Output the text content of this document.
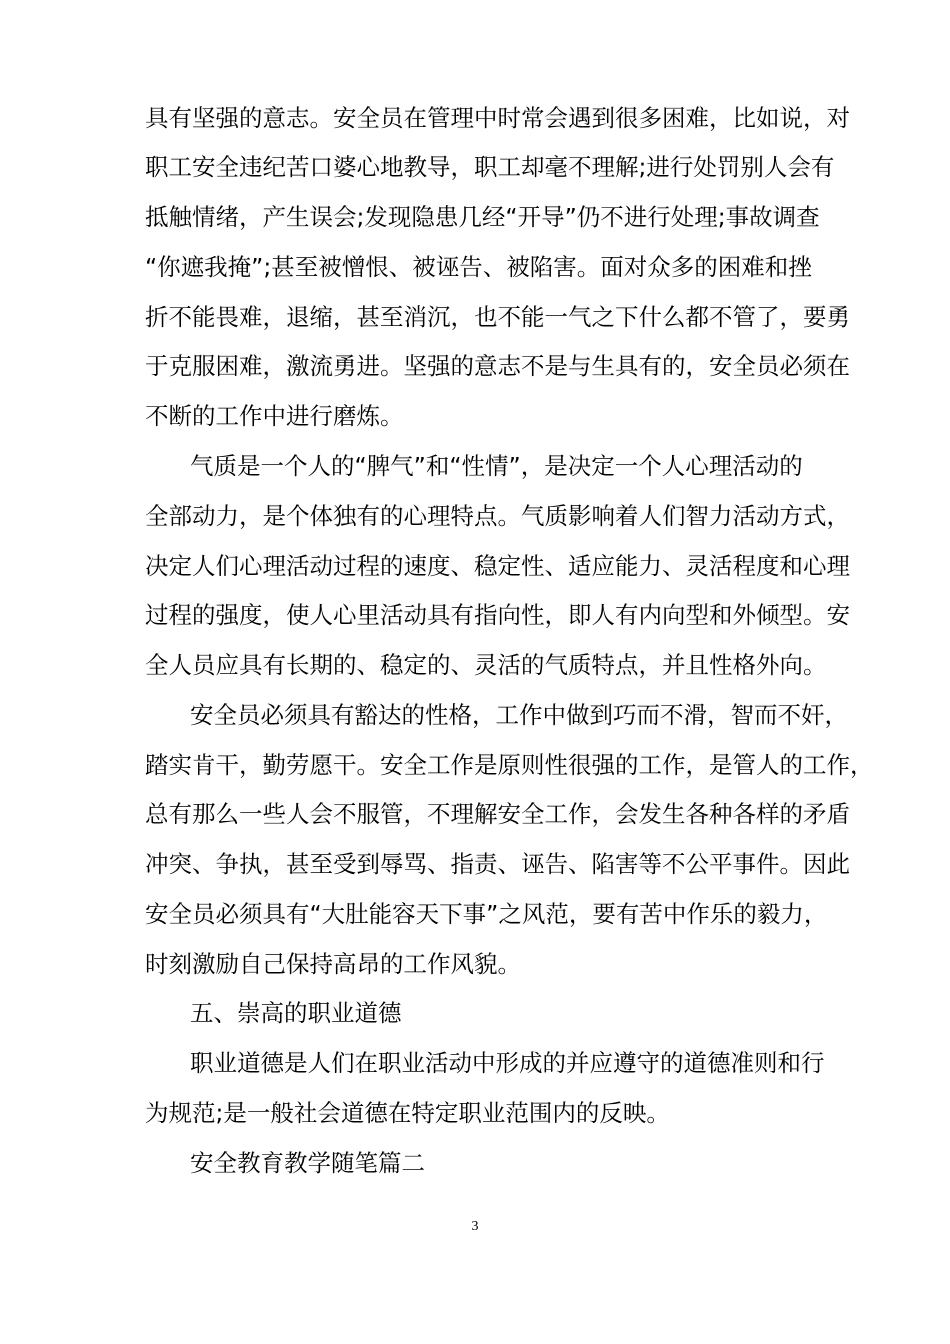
具有坚强的意志。安全员在管理中时常会遇到很多困难，比如说，对
职工安全违纪苦口婆心地教导，职工却毫不理解;进行处罚别人会有
抵触情绪，产生误会;发现隐患几经“开导”仍不进行处理;事故调查
“你遮我掩”;甚至被憎恨、被诬告、被陷害。面对众多的困难和挫
折不能畏难，退缩，甚至消沉，也不能一气之下什么都不管了，要勇
于克服困难，激流勇进。坚强的意志不是与生具有的，安全员必须在
不断的工作中进行磨炼。
气质是一个人的“脾气”和“性情”，是决定一个人心理活动的
全部动力，是个体独有的心理特点。气质影响着人们智力活动方式，
决定人们心理活动过程的速度、稳定性、适应能力、灵活程度和心理
过程的强度，使人心里活动具有指向性，即人有内向型和外倾型。安
全人员应具有长期的、稳定的、灵活的气质特点，并且性格外向。
安全员必须具有豁达的性格，工作中做到巧而不滑，智而不奸，
踏实肯干，勤劳愿干。安全工作是原则性很强的工作，是管人的工作，
总有那么一些人会不服管，不理解安全工作，会发生各种各样的矛盾
冲突、争执，甚至受到辱骂、指责、诬告、陷害等不公平事件。因此
安全员必须具有“大肚能容天下事”之风范，要有苦中作乐的毅力，
时刻激励自己保持高昂的工作风貌。
五、崇高的职业道德
职业道德是人们在职业活动中形成的并应遵守的道德准则和行
为规范;是一般社会道德在特定职业范围内的反映。
安全教育教学随笔篇二
3
